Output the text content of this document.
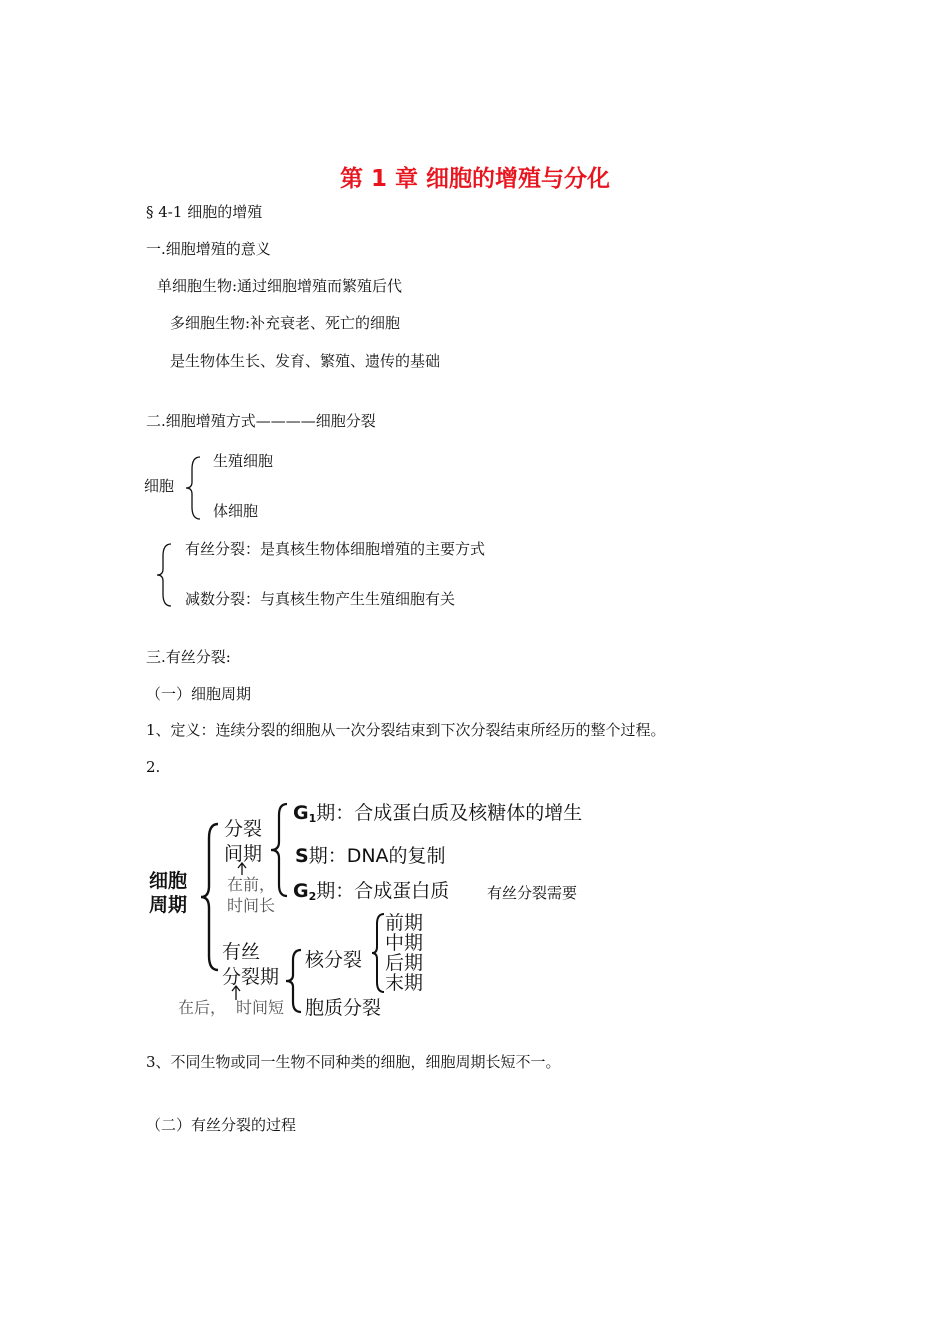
第 1 章 细胞的增殖与分化
§ 4-1 细胞的增殖
一.细胞增殖的意义
单细胞生物:通过细胞增殖而繁殖后代
多细胞生物:补充衰老、死亡的细胞
是生物体生长、发育、繁殖、遗传的基础
二.细胞增殖方式————细胞分裂
细胞
生殖细胞
体细胞
有丝分裂：是真核生物体细胞增殖的主要方式
减数分裂：与真核生物产生生殖细胞有关
三.有丝分裂:
（一）细胞周期
1、定义：连续分裂的细胞从一次分裂结束到下次分裂结束所经历的整个过程。
2.
细胞
周期
分裂
间期
在前，
时间长
$G_1$期：合成蛋白质及核糖体的增生
S期：DNA的复制
$G_2$期：合成蛋白质	有丝分裂需要
有丝
分裂期
在后， 时间短
核分裂
胞质分裂
前期
中期
后期
末期
3、不同生物或同一生物不同种类的细胞，细胞周期长短不一。
（二）有丝分裂的过程
